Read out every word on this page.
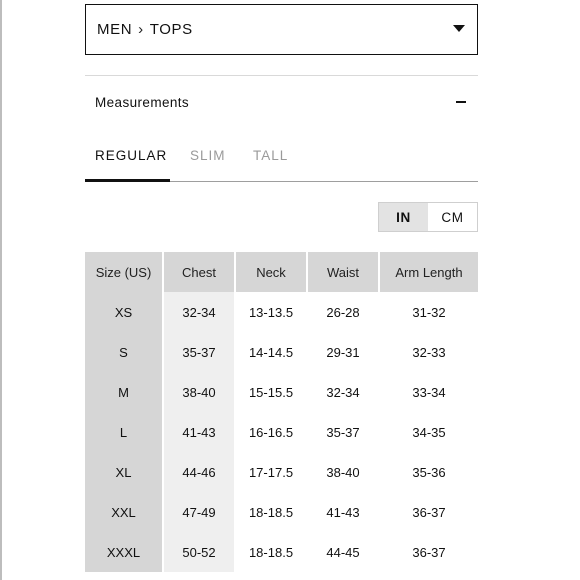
MEN › TOPS
Measurements
REGULAR SLIM TALL
IN	CM
Size (US)	Chest	Neck	Waist	Arm Length
XS	32-34	13-13.5	26-28	31-32
S	35-37	14-14.5	29-31	32-33
M	38-40	15-15.5	32-34	33-34
L	41-43	16-16.5	35-37	34-35
XL	44-46	17-17.5	38-40	35-36
XXL	47-49	18-18.5	41-43	36-37
XXXL	50-52	18-18.5	44-45	36-37
